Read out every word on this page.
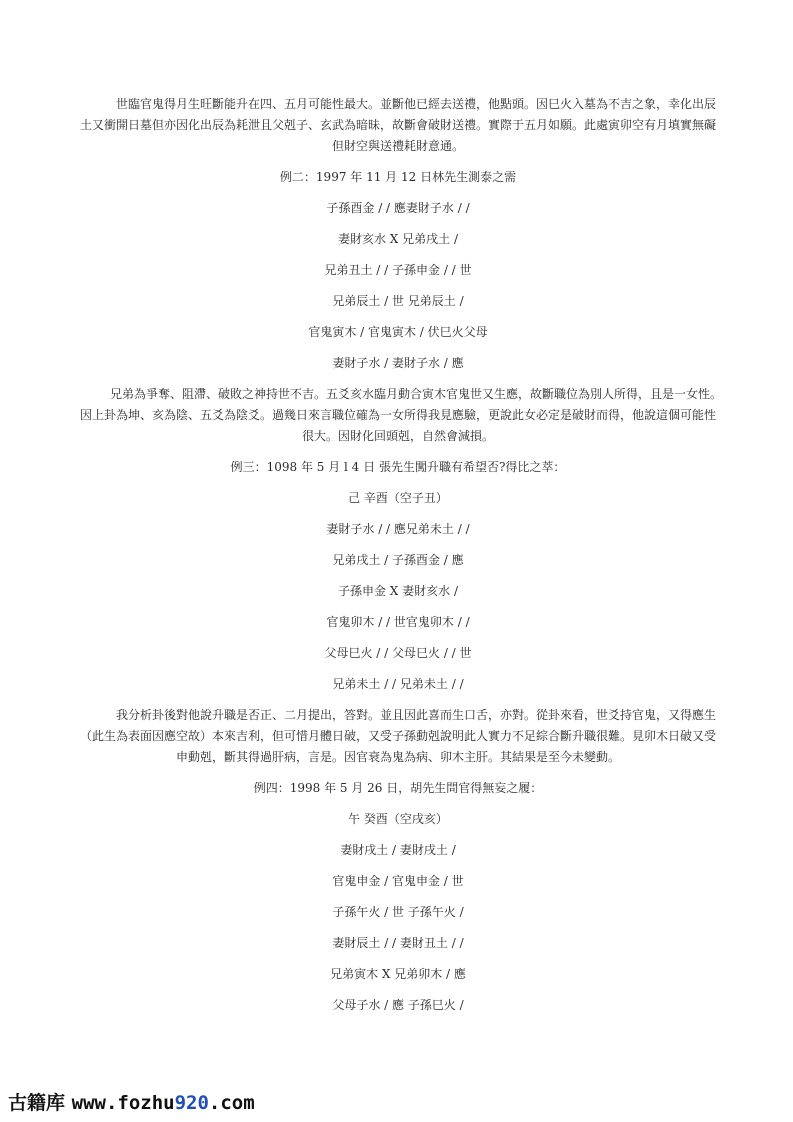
世臨官鬼得月生旺斷能升在四、五月可能性最大。並斷他已經去送禮，他點頭。因巳火入墓為不吉之象，幸化出辰
土又衝開日墓但亦因化出辰為耗泄且父剋子、玄武為暗昧，故斷會破財送禮。實際于五月如願。此處寅卯空有月填實無礙
但財空與送禮耗財意通。

例二：1997 年 11 月 12 日林先生測泰之需
子孫酉金 / / 應妻財子水 / /
妻財亥水 X 兄弟戌土 /
兄弟丑土 / / 子孫申金 / / 世
兄弟辰土 / 世 兄弟辰土 /
官鬼寅木 / 官鬼寅木 / 伏巳火父母
妻財子水 / 妻財子水 / 應

兄弟為爭奪、阻滯、破敗之神持世不吉。五爻亥水臨月動合寅木官鬼世又生應，故斷職位為別人所得，且是一女性。
因上卦為坤、亥為陰、五爻為陰爻。過幾日來言職位確為一女所得我見應驗，更說此女必定是破財而得，他說這個可能性
很大。因財化回頭剋，自然會減損。

例三：1098 年 5 月 l 4 日 張先生闖升職有希望否?得比之萃：
己 辛酉（空子丑）
妻財子水 / / 應兄弟未土 / /
兄弟戌土 / 子孫酉金 / 應
子孫申金 X 妻財亥水 /
官鬼卯木 / / 世官鬼卯木 / /
父母巳火 / / 父母巳火 / / 世
兄弟未土 / / 兄弟未土 / /

我分析卦後對他說升職是否正、二月提出，答對。並且因此喜而生口舌，亦對。從卦來看，世爻持官鬼，又得應生
（此生為表面因應空故）本來吉利，但可惜月體日破，又受子孫動剋說明此人實力不足綜合斷升職很難。見卯木日破又受
申動剋，斷其得過肝病，言是。因官衰為鬼為病、卯木主肝。其結果是至今未變動。

例四：1998 年 5 月 26 日，胡先生問官得無妄之履：
午 癸酉（空戌亥）
妻財戌土 / 妻財戌土 /
官鬼申金 / 官鬼申金 / 世
子孫午火 / 世 子孫午火 /
妻財辰土 / / 妻財丑土 / /
兄弟寅木 X 兄弟卯木 / 應
父母子水 / 應 子孫巳火 /
古籍库 www.fozhu920.com
